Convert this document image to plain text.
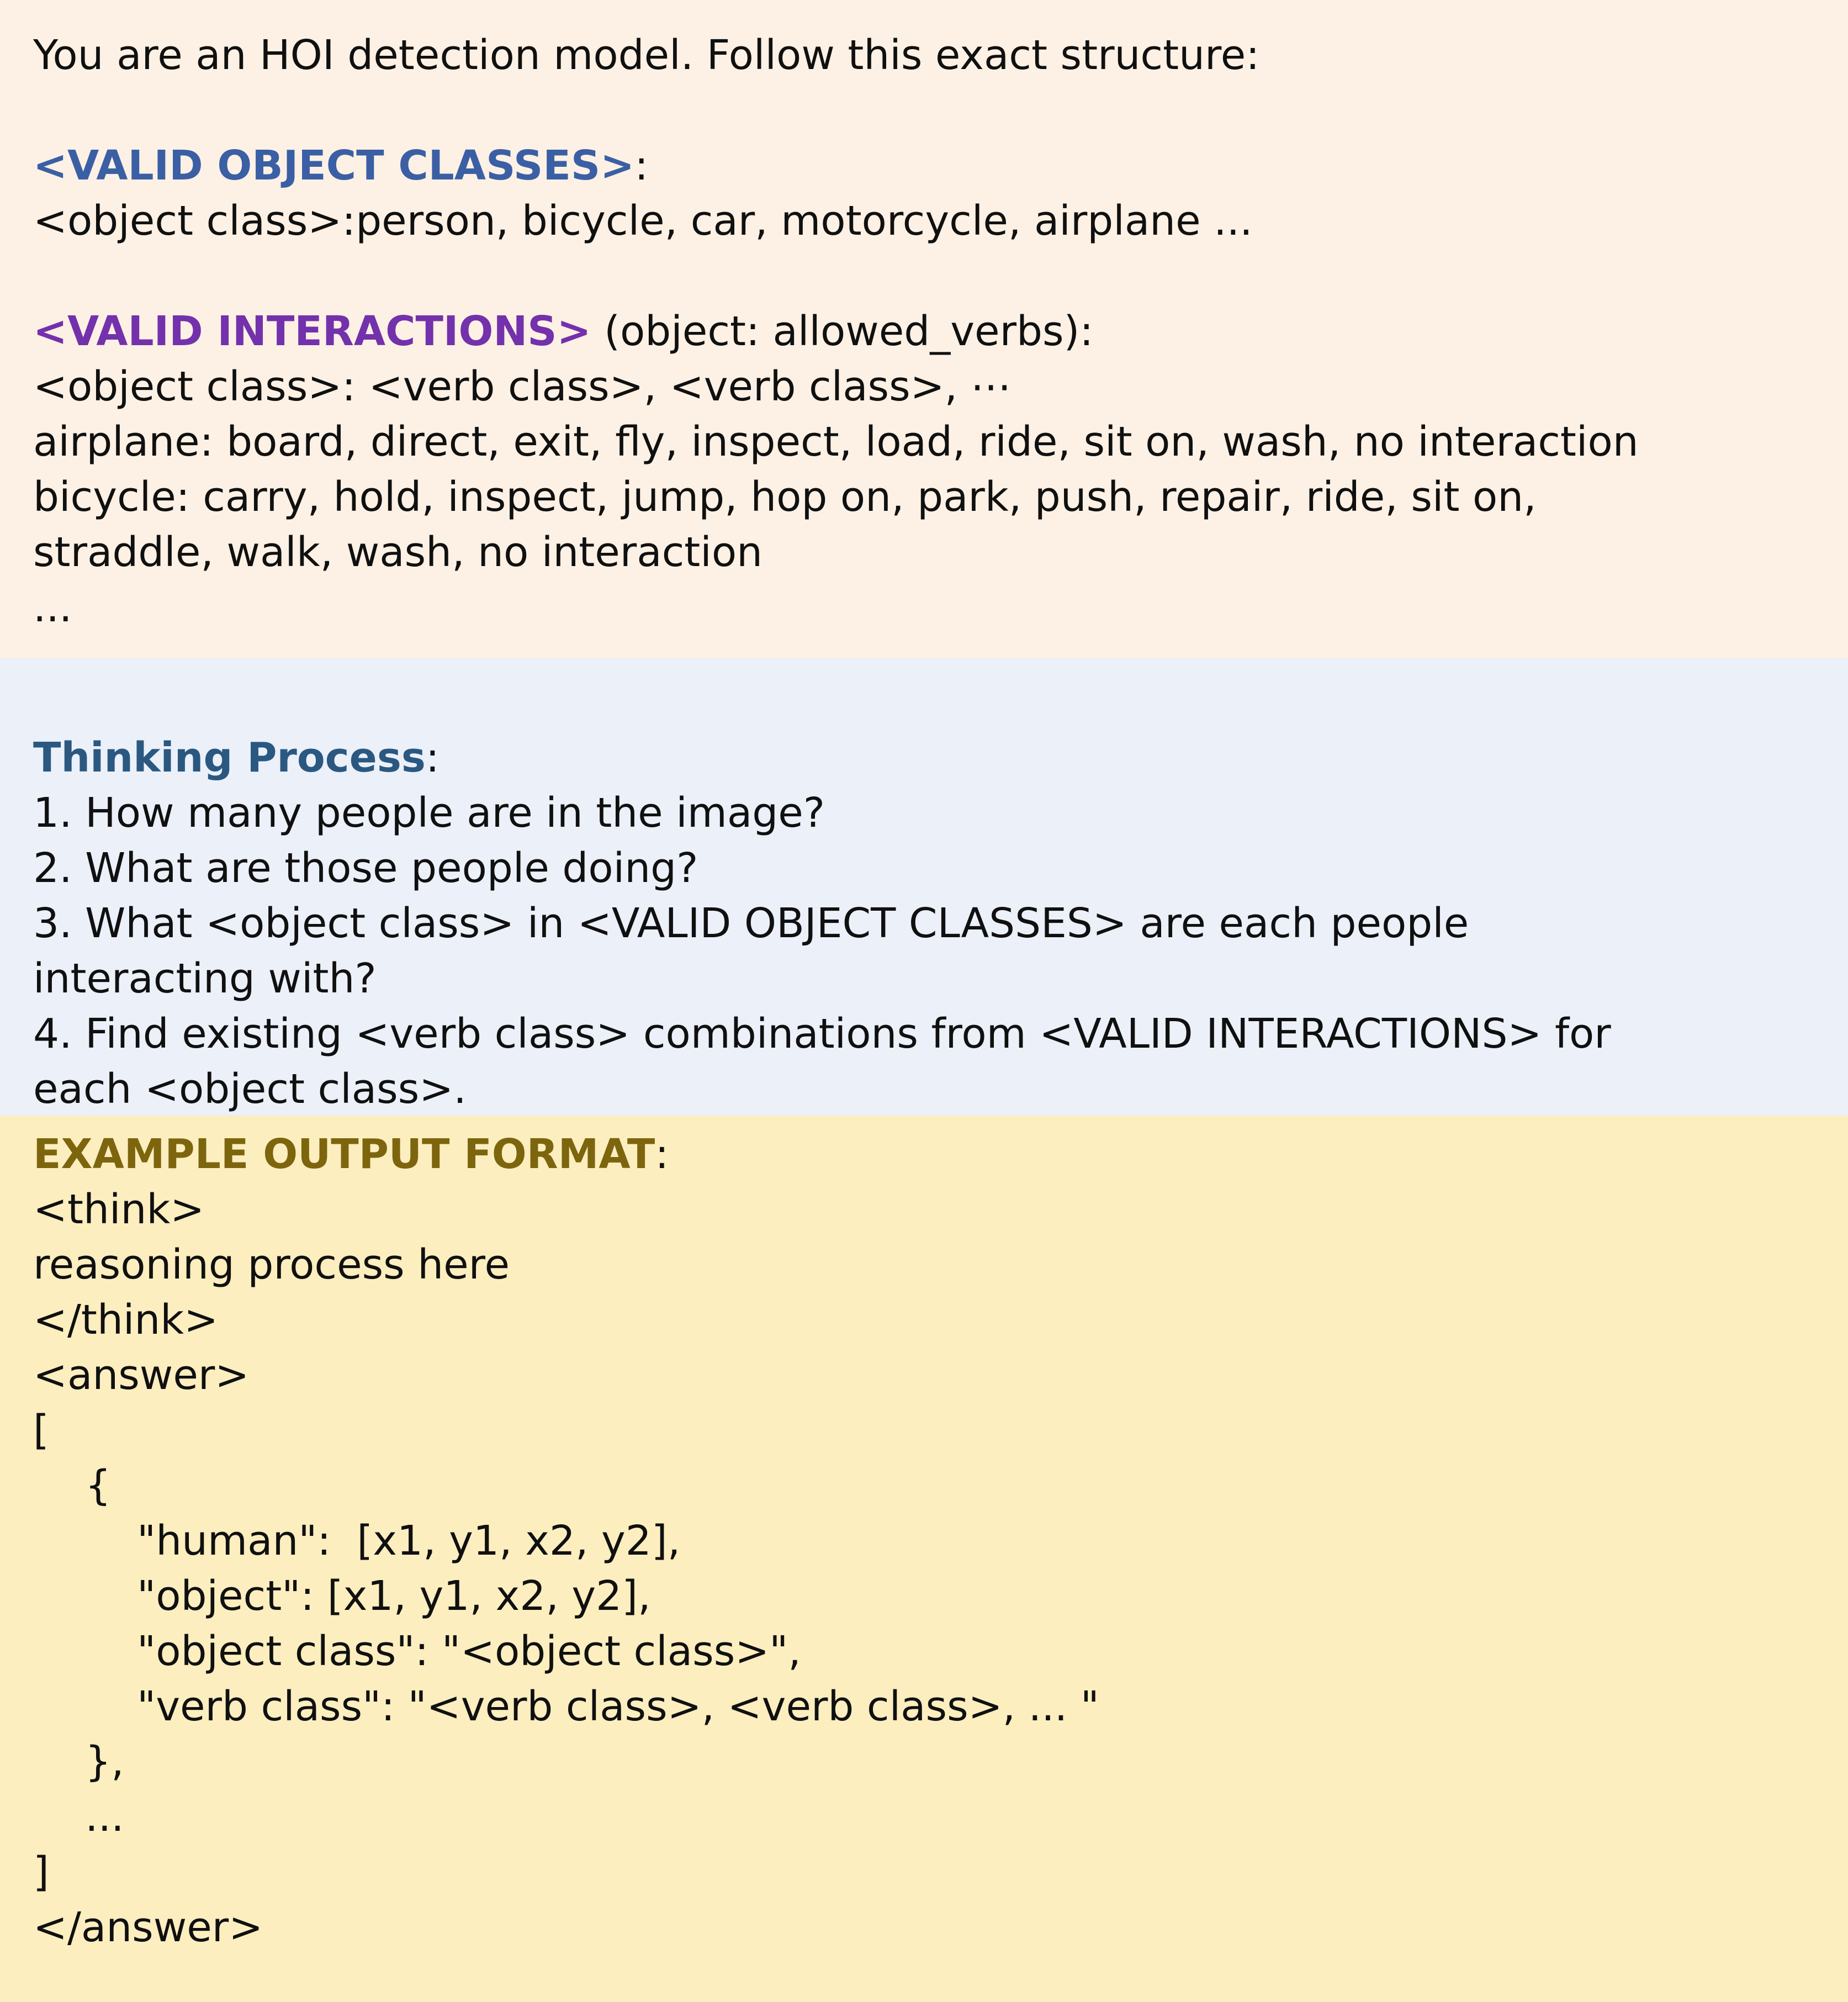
You are an HOI detection model. Follow this exact structure:
<VALID OBJECT CLASSES>:
<object class>:person, bicycle, car, motorcycle, airplane ...
<VALID INTERACTIONS> (object: allowed_verbs):
<object class>: <verb class>, <verb class>, ⋯
airplane: board, direct, exit, fly, inspect, load, ride, sit on, wash, no interaction
bicycle: carry, hold, inspect, jump, hop on, park, push, repair, ride, sit on,
straddle, walk, wash, no interaction
...
Thinking Process:
1. How many people are in the image?
2. What are those people doing?
3. What <object class> in <VALID OBJECT CLASSES> are each people
interacting with?
4. Find existing <verb class> combinations from <VALID INTERACTIONS> for
each <object class>.
EXAMPLE OUTPUT FORMAT:
<think>
reasoning process here
</think>
<answer>
[
{
"human":  [x1, y1, x2, y2],
"object": [x1, y1, x2, y2],
"object class": "<object class>",
"verb class": "<verb class>, <verb class>, ... "
},
...
]
</answer>
